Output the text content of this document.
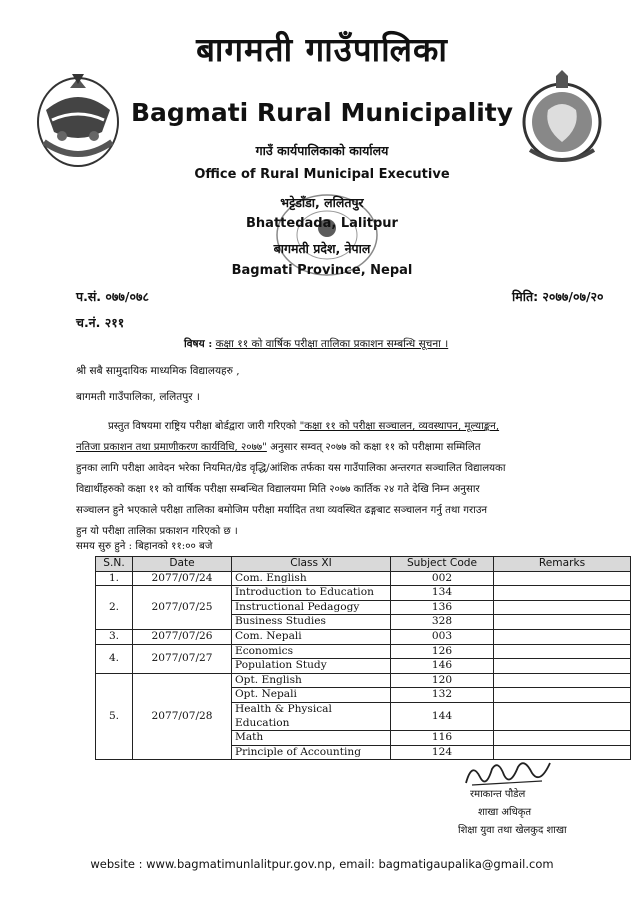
बागमती गाउँपालिका
Bagmati Rural Municipality
गाउँ कार्यपालिकाको कार्यालय
Office of Rural Municipal Executive
भट्टेडाँडा, ललितपुर
Bhattedada, Lalitpur
बागमती प्रदेश, नेपाल
Bagmati Province, Nepal
प.सं. ०७७/०७८	मिति: २०७७/०७/२०
च.नं. २११
विषय : कक्षा ११ को वार्षिक परीक्षा तालिका प्रकाशन सम्बन्धि सूचना ।
श्री सबै सामुदायिक माध्यमिक विद्यालयहरु ,
बागमती गाउँपालिका, ललितपुर ।
प्रस्तुत विषयमा राष्ट्रिय परीक्षा बोर्डद्वारा जारी गरिएको "कक्षा ११ को परीक्षा सञ्चालन, व्यवस्थापन, मूल्याङ्कन,
नतिजा प्रकाशन तथा प्रमाणीकरण कार्यविधि, २०७७" अनुसार सम्वत् २०७७ को कक्षा ११ को परीक्षामा सम्मिलित
हुनका लागि परीक्षा आवेदन भरेका नियमित/ग्रेड वृद्धि/आंशिक तर्फका यस गाउँपालिका अन्तरगत सञ्चालित विद्यालयका
विद्यार्थीहरुको कक्षा ११ को वार्षिक परीक्षा सम्बन्धित विद्यालयमा मिति २०७७ कार्तिक २४ गते देखि निम्न अनुसार
सञ्चालन हुने भएकाले परीक्षा तालिका बमोजिम परीक्षा मर्यादित तथा व्यवस्थित ढङ्गबाट सञ्चालन गर्नु तथा गराउन
हुन यो परीक्षा तालिका प्रकाशन गरिएको छ ।
समय सुरु हुने : बिहानको ११:०० बजे
S.N.	Date	Class XI	Subject Code	Remarks
1.	2077/07/24	Com. English	002	
2.	2077/07/25	Introduction to Education	134	
		Instructional Pedagogy	136	
		Business Studies	328	
3.	2077/07/26	Com. Nepali	003	
4.	2077/07/27	Economics	126	
		Population Study	146	
5.	2077/07/28	Opt. English	120	
		Opt. Nepali	132	
		Health & Physical Education	144	
		Math	116	
		Principle of Accounting	124	
रमाकान्त पौडेल
शाखा अधिकृत
शिक्षा युवा तथा खेलकुद शाखा
website : www.bagmatimunlalitpur.gov.np, email: bagmatigaupalika@gmail.com
